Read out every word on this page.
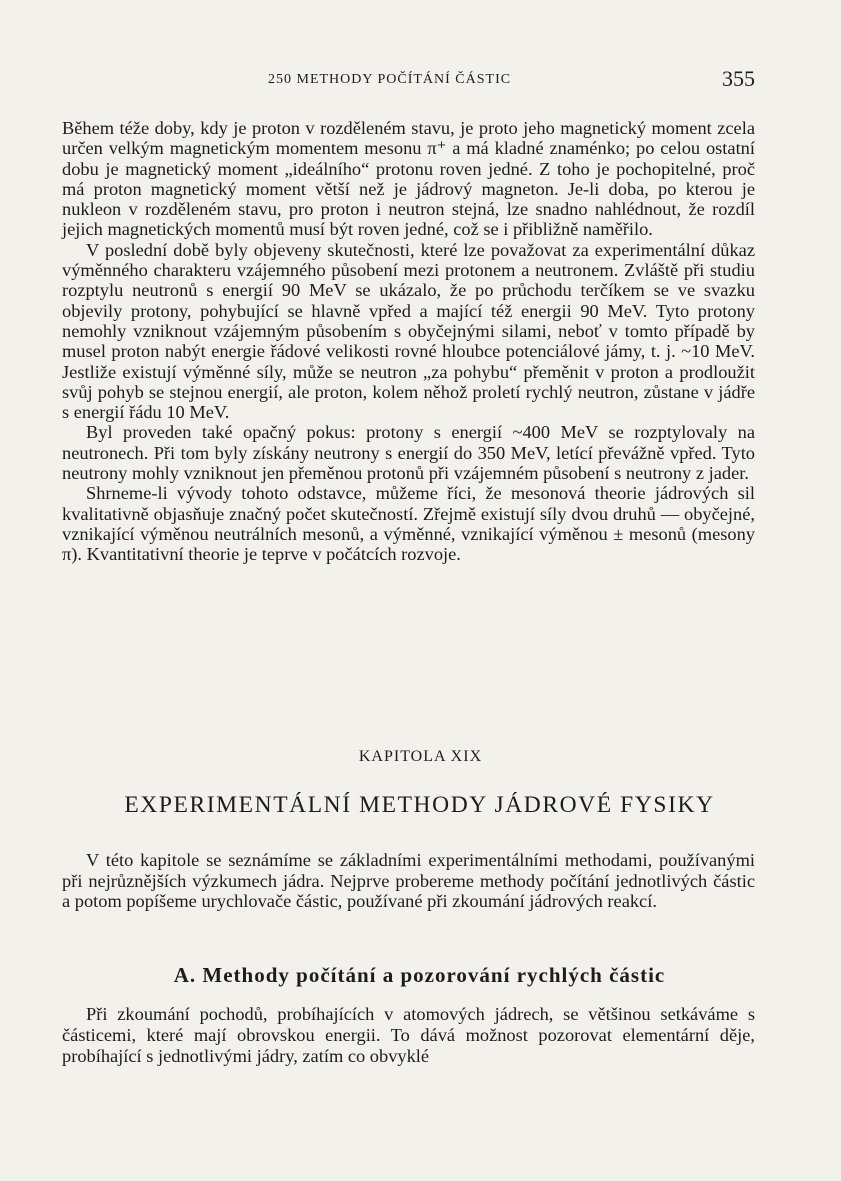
250 METHODY POČÍTÁNÍ ČÁSTIC	355

Během téže doby, kdy je proton v rozděleném stavu, je proto jeho magnetický moment zcela určen velkým magnetickým momentem mesonu π⁺ a má kladné znaménko; po celou ostatní dobu je magnetický moment „ideálního“ protonu roven jedné. Z toho je pochopitelné, proč má proton magnetický moment větší než je jádrový magneton. Je-li doba, po kterou je nukleon v rozděleném stavu, pro proton i neutron stejná, lze snadno nahlédnout, že rozdíl jejich magnetických momentů musí být roven jedné, což se i přibližně naměřilo.

V poslední době byly objeveny skutečnosti, které lze považovat za experimentální důkaz výměnného charakteru vzájemného působení mezi protonem a neutronem. Zvláště při studiu rozptylu neutronů s energií 90 MeV se ukázalo, že po průchodu terčíkem se ve svazku objevily protony, pohybující se hlavně vpřed a mající též energii 90 MeV. Tyto protony nemohly vzniknout vzájemným působením s obyčejnými silami, neboť v tomto případě by musel proton nabýt energie řádové velikosti rovné hloubce potenciálové jámy, t. j. ~10 MeV. Jestliže existují výměnné síly, může se neutron „za pohybu“ přeměnit v proton a prodloužit svůj pohyb se stejnou energií, ale proton, kolem něhož proletí rychlý neutron, zůstane v jádře s energií řádu 10 MeV.

Byl proveden také opačný pokus: protony s energií ~400 MeV se rozptylovaly na neutronech. Při tom byly získány neutrony s energií do 350 MeV, letící převážně vpřed. Tyto neutrony mohly vzniknout jen přeměnou protonů při vzájemném působení s neutrony z jader.

Shrneme-li vývody tohoto odstavce, můžeme říci, že mesonová theorie jádrových sil kvalitativně objasňuje značný počet skutečností. Zřejmě existují síly dvou druhů — obyčejné, vznikající výměnou neutrálních mesonů, a výměnné, vznikající výměnou ± mesonů (mesony π). Kvantitativní theorie je teprve v počátcích rozvoje.

KAPITOLA XIX
EXPERIMENTÁLNÍ METHODY JÁDROVÉ FYSIKY

V této kapitole se seznámíme se základními experimentálními methodami, používanými při nejrůznějších výzkumech jádra. Nejprve probereme methody počítání jednotlivých částic a potom popíšeme urychlovače částic, používané při zkoumání jádrových reakcí.

A. Methody počítání a pozorování rychlých částic

Při zkoumání pochodů, probíhajících v atomových jádrech, se většinou setkáváme s částicemi, které mají obrovskou energii. To dává možnost pozorovat elementární děje, probíhající s jednotlivými jádry, zatím co obvyklé
